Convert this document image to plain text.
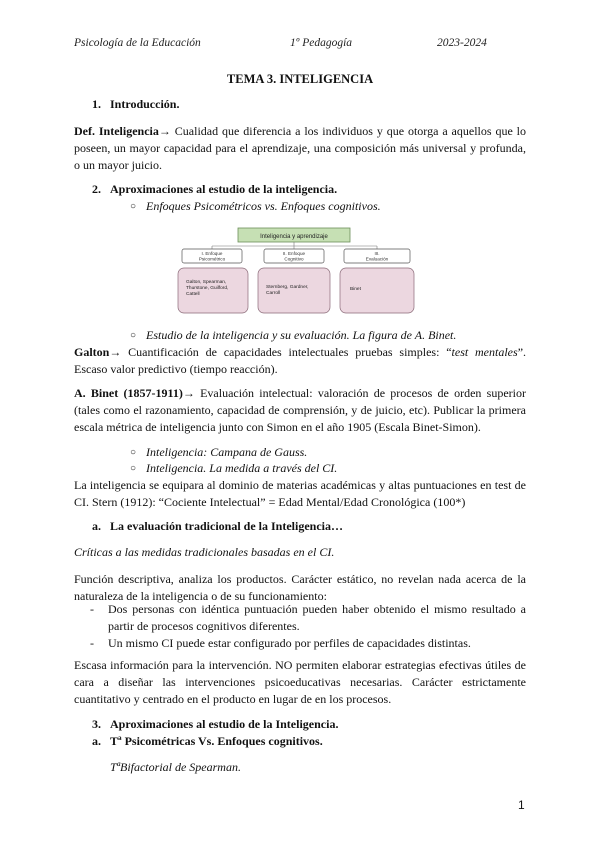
Psicología de la Educación	1º Pedagogía	2023-2024
TEMA 3. INTELIGENCIA
1. Introducción.
Def. Inteligencia→ Cualidad que diferencia a los individuos y que otorga a aquellos que lo poseen, un mayor capacidad para el aprendizaje, una composición más universal y profunda, o un mayor juicio.
2. Aproximaciones al estudio de la inteligencia.
○ Enfoques Psicométricos vs. Enfoques cognitivos.
Inteligencia y aprendizaje
I. Enfoque Psicométrico
II. Enfoque Cognitivo
III. Evaluación
Galton, Spearman, Thurstone, Guilford, Cattell
Sternberg, Gardner, Carroll
Binet
○ Estudio de la inteligencia y su evaluación. La figura de A. Binet.
Galton→ Cuantificación de capacidades intelectuales pruebas simples: “test mentales”. Escaso valor predictivo (tiempo reacción).
A. Binet (1857-1911)→ Evaluación intelectual: valoración de procesos de orden superior (tales como el razonamiento, capacidad de comprensión, y de juicio, etc). Publicar la primera escala métrica de inteligencia junto con Simon en el año 1905 (Escala Binet-Simon).
○ Inteligencia: Campana de Gauss.
○ Inteligencia. La medida a través del CI.
La inteligencia se equipara al dominio de materias académicas y altas puntuaciones en test de CI. Stern (1912): “Cociente Intelectual” = Edad Mental/Edad Cronológica (100*)
a. La evaluación tradicional de la Inteligencia…
Críticas a las medidas tradicionales basadas en el CI.
Función descriptiva, analiza los productos. Carácter estático, no revelan nada acerca de la naturaleza de la inteligencia o de su funcionamiento:
- Dos personas con idéntica puntuación pueden haber obtenido el mismo resultado a partir de procesos cognitivos diferentes.
- Un mismo CI puede estar configurado por perfiles de capacidades distintas.
Escasa información para la intervención. NO permiten elaborar estrategias efectivas útiles de cara a diseñar las intervenciones psicoeducativas necesarias. Carácter estrictamente cuantitativo y centrado en el producto en lugar de en los procesos.
3. Aproximaciones al estudio de la Inteligencia.
a. Tª Psicométricas Vs. Enfoques cognitivos.
TªBifactorial de Spearman.
1
